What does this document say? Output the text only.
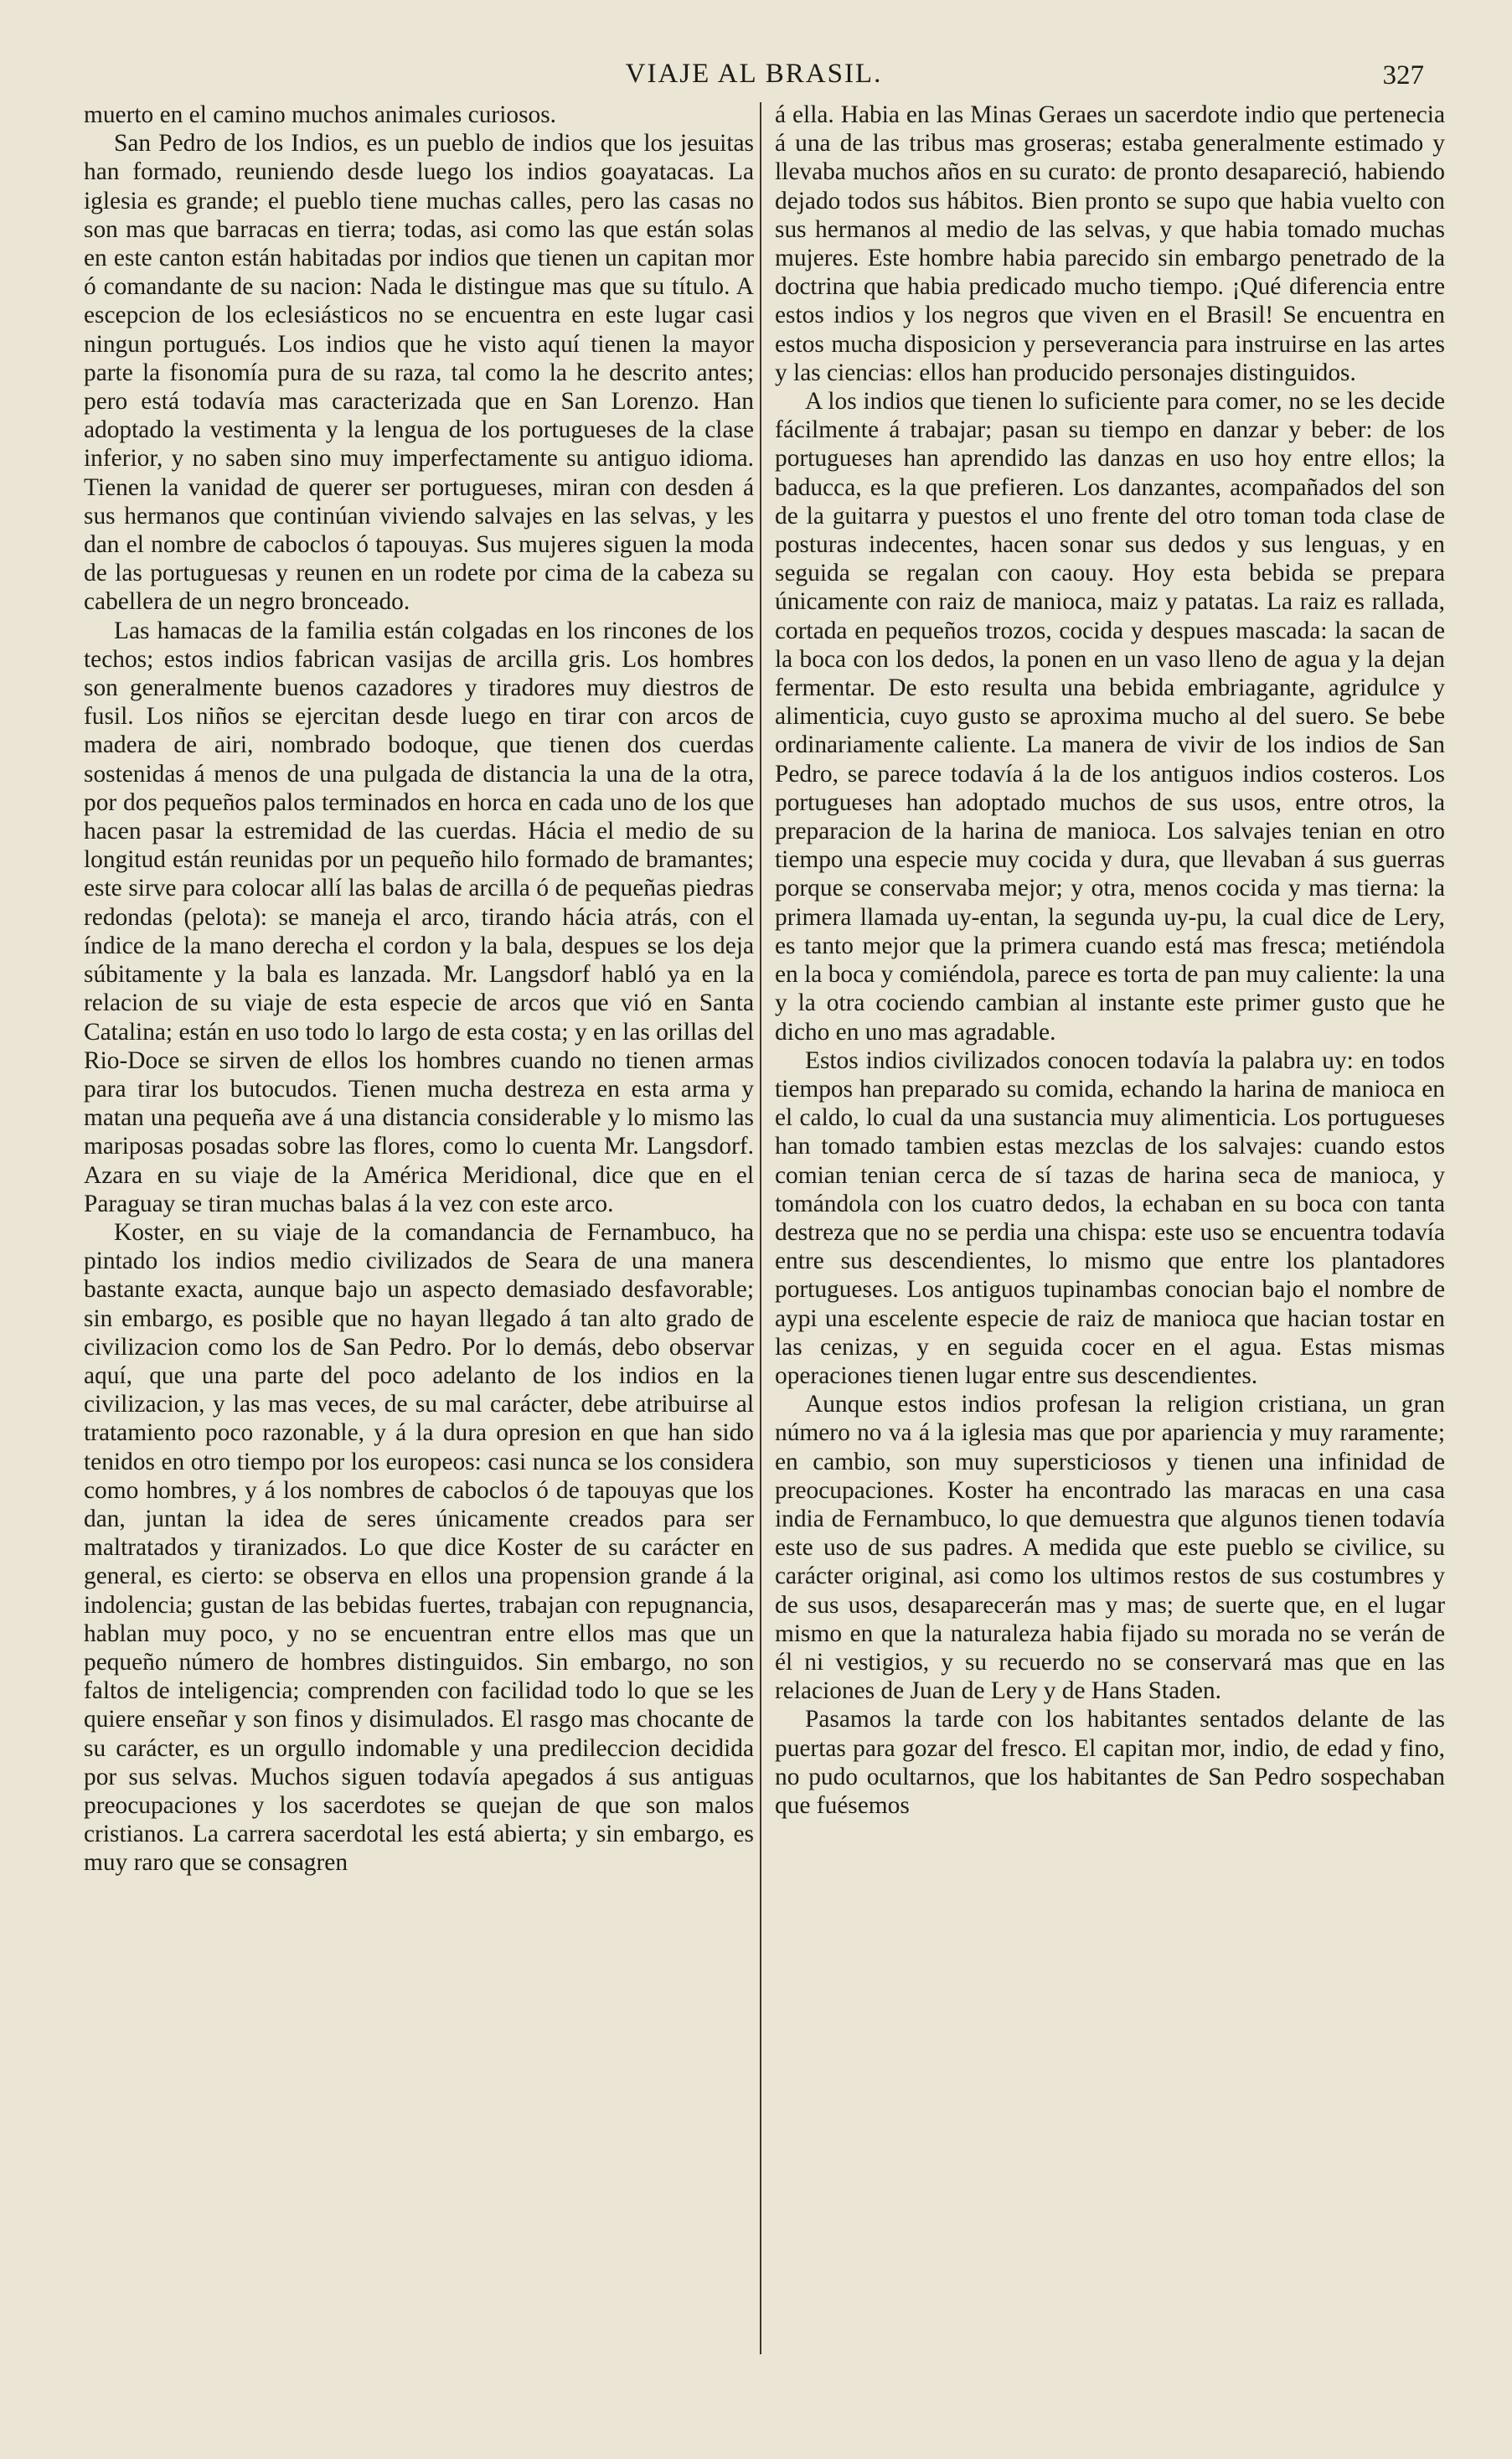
VIAJE AL BRASIL.	327

muerto en el camino muchos animales curiosos.

San Pedro de los Indios, es un pueblo de indios que los jesuitas han formado, reuniendo desde luego los indios goayatacas. La iglesia es grande; el pueblo tiene muchas calles, pero las casas no son mas que barracas en tierra; todas, asi como las que están solas en este canton están habitadas por indios que tienen un capitan mor ó comandante de su nacion: Nada le distingue mas que su título. A escepcion de los eclesiásticos no se encuentra en este lugar casi ningun portugués. Los indios que he visto aquí tienen la mayor parte la fisonomía pura de su raza, tal como la he descrito antes; pero está todavía mas caracterizada que en San Lorenzo. Han adoptado la vestimenta y la lengua de los portugueses de la clase inferior, y no saben sino muy imperfectamente su antiguo idioma. Tienen la vanidad de querer ser portugueses, miran con desden á sus hermanos que continúan viviendo salvajes en las selvas, y les dan el nombre de caboclos ó tapouyas. Sus mujeres siguen la moda de las portuguesas y reunen en un rodete por cima de la cabeza su cabellera de un negro bronceado.

Las hamacas de la familia están colgadas en los rincones de los techos; estos indios fabrican vasijas de arcilla gris. Los hombres son generalmente buenos cazadores y tiradores muy diestros de fusil. Los niños se ejercitan desde luego en tirar con arcos de madera de airi, nombrado bodoque, que tienen dos cuerdas sostenidas á menos de una pulgada de distancia la una de la otra, por dos pequeños palos terminados en horca en cada uno de los que hacen pasar la estremidad de las cuerdas. Hácia el medio de su longitud están reunidas por un pequeño hilo formado de bramantes; este sirve para colocar allí las balas de arcilla ó de pequeñas piedras redondas (pelota): se maneja el arco, tirando hácia atrás, con el índice de la mano derecha el cordon y la bala, despues se los deja súbitamente y la bala es lanzada. Mr. Langsdorf habló ya en la relacion de su viaje de esta especie de arcos que vió en Santa Catalina; están en uso todo lo largo de esta costa; y en las orillas del Rio-Doce se sirven de ellos los hombres cuando no tienen armas para tirar los butocudos. Tienen mucha destreza en esta arma y matan una pequeña ave á una distancia considerable y lo mismo las mariposas posadas sobre las flores, como lo cuenta Mr. Langsdorf. Azara en su viaje de la América Meridional, dice que en el Paraguay se tiran muchas balas á la vez con este arco.

Koster, en su viaje de la comandancia de Fernambuco, ha pintado los indios medio civilizados de Seara de una manera bastante exacta, aunque bajo un aspecto demasiado desfavorable; sin embargo, es posible que no hayan llegado á tan alto grado de civilizacion como los de San Pedro. Por lo demás, debo observar aquí, que una parte del poco adelanto de los indios en la civilizacion, y las mas veces, de su mal carácter, debe atribuirse al tratamiento poco razonable, y á la dura opresion en que han sido tenidos en otro tiempo por los europeos: casi nunca se los considera como hombres, y á los nombres de caboclos ó de tapouyas que los dan, juntan la idea de seres únicamente creados para ser maltratados y tiranizados. Lo que dice Koster de su carácter en general, es cierto: se observa en ellos una propension grande á la indolencia; gustan de las bebidas fuertes, trabajan con repugnancia, hablan muy poco, y no se encuentran entre ellos mas que un pequeño número de hombres distinguidos. Sin embargo, no son faltos de inteligencia; comprenden con facilidad todo lo que se les quiere enseñar y son finos y disimulados. El rasgo mas chocante de su carácter, es un orgullo indomable y una predileccion decidida por sus selvas. Muchos siguen todavía apegados á sus antiguas preocupaciones y los sacerdotes se quejan de que son malos cristianos. La carrera sacerdotal les está abierta; y sin embargo, es muy raro que se consagren

á ella. Habia en las Minas Geraes un sacerdote indio que pertenecia á una de las tribus mas groseras; estaba generalmente estimado y llevaba muchos años en su curato: de pronto desapareció, habiendo dejado todos sus hábitos. Bien pronto se supo que habia vuelto con sus hermanos al medio de las selvas, y que habia tomado muchas mujeres. Este hombre habia parecido sin embargo penetrado de la doctrina que habia predicado mucho tiempo. ¡Qué diferencia entre estos indios y los negros que viven en el Brasil! Se encuentra en estos mucha disposicion y perseverancia para instruirse en las artes y las ciencias: ellos han producido personajes distinguidos.

A los indios que tienen lo suficiente para comer, no se les decide fácilmente á trabajar; pasan su tiempo en danzar y beber: de los portugueses han aprendido las danzas en uso hoy entre ellos; la baducca, es la que prefieren. Los danzantes, acompañados del son de la guitarra y puestos el uno frente del otro toman toda clase de posturas indecentes, hacen sonar sus dedos y sus lenguas, y en seguida se regalan con caouy. Hoy esta bebida se prepara únicamente con raiz de manioca, maiz y patatas. La raiz es rallada, cortada en pequeños trozos, cocida y despues mascada: la sacan de la boca con los dedos, la ponen en un vaso lleno de agua y la dejan fermentar. De esto resulta una bebida embriagante, agridulce y alimenticia, cuyo gusto se aproxima mucho al del suero. Se bebe ordinariamente caliente. La manera de vivir de los indios de San Pedro, se parece todavía á la de los antiguos indios costeros. Los portugueses han adoptado muchos de sus usos, entre otros, la preparacion de la harina de manioca. Los salvajes tenian en otro tiempo una especie muy cocida y dura, que llevaban á sus guerras porque se conservaba mejor; y otra, menos cocida y mas tierna: la primera llamada uy-entan, la segunda uy-pu, la cual dice de Lery, es tanto mejor que la primera cuando está mas fresca; metiéndola en la boca y comiéndola, parece es torta de pan muy caliente: la una y la otra cociendo cambian al instante este primer gusto que he dicho en uno mas agradable.

Estos indios civilizados conocen todavía la palabra uy: en todos tiempos han preparado su comida, echando la harina de manioca en el caldo, lo cual da una sustancia muy alimenticia. Los portugueses han tomado tambien estas mezclas de los salvajes: cuando estos comian tenian cerca de sí tazas de harina seca de manioca, y tomándola con los cuatro dedos, la echaban en su boca con tanta destreza que no se perdia una chispa: este uso se encuentra todavía entre sus descendientes, lo mismo que entre los plantadores portugueses. Los antiguos tupinambas conocian bajo el nombre de aypi una escelente especie de raiz de manioca que hacian tostar en las cenizas, y en seguida cocer en el agua. Estas mismas operaciones tienen lugar entre sus descendientes.

Aunque estos indios profesan la religion cristiana, un gran número no va á la iglesia mas que por apariencia y muy raramente; en cambio, son muy supersticiosos y tienen una infinidad de preocupaciones. Koster ha encontrado las maracas en una casa india de Fernambuco, lo que demuestra que algunos tienen todavía este uso de sus padres. A medida que este pueblo se civilice, su carácter original, asi como los ultimos restos de sus costumbres y de sus usos, desaparecerán mas y mas; de suerte que, en el lugar mismo en que la naturaleza habia fijado su morada no se verán de él ni vestigios, y su recuerdo no se conservará mas que en las relaciones de Juan de Lery y de Hans Staden.

Pasamos la tarde con los habitantes sentados delante de las puertas para gozar del fresco. El capitan mor, indio, de edad y fino, no pudo ocultarnos, que los habitantes de San Pedro sospechaban que fuésemos
